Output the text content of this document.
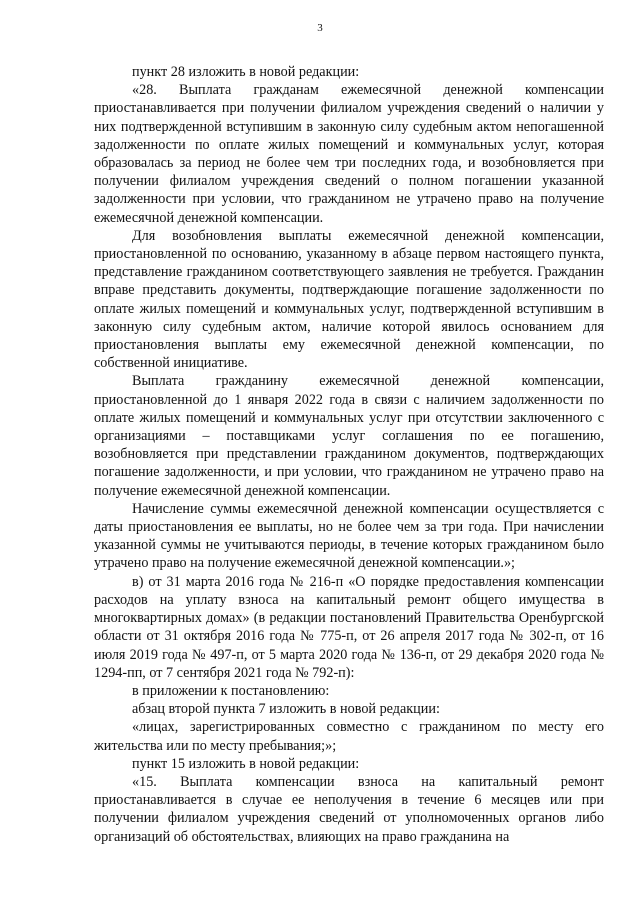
3

пункт 28 изложить в новой редакции:

«28. Выплата гражданам ежемесячной денежной компенсации приостанавливается при получении филиалом учреждения сведений о наличии у них подтвержденной вступившим в законную силу судебным актом непогашенной задолженности по оплате жилых помещений и коммунальных услуг, которая образовалась за период не более чем три последних года, и возобновляется при получении филиалом учреждения сведений о полном погашении указанной задолженности при условии, что гражданином не утрачено право на получение ежемесячной денежной компенсации.

Для возобновления выплаты ежемесячной денежной компенсации, приостановленной по основанию, указанному в абзаце первом настоящего пункта, представление гражданином соответствующего заявления не требуется. Гражданин вправе представить документы, подтверждающие погашение задолженности по оплате жилых помещений и коммунальных услуг, подтвержденной вступившим в законную силу судебным актом, наличие которой явилось основанием для приостановления выплаты ему ежемесячной денежной компенсации, по собственной инициативе.

Выплата гражданину ежемесячной денежной компенсации, приостановленной до 1 января 2022 года в связи с наличием задолженности по оплате жилых помещений и коммунальных услуг при отсутствии заключенного с организациями – поставщиками услуг соглашения по ее погашению, возобновляется при представлении гражданином документов, подтверждающих погашение задолженности, и при условии, что гражданином не утрачено право на получение ежемесячной денежной компенсации.

Начисление суммы ежемесячной денежной компенсации осуществляется с даты приостановления ее выплаты, но не более чем за три года. При начислении указанной суммы не учитываются периоды, в течение которых гражданином было утрачено право на получение ежемесячной денежной компенсации.»;

в) от 31 марта 2016 года № 216-п «О порядке предоставления компенсации расходов на уплату взноса на капитальный ремонт общего имущества в многоквартирных домах» (в редакции постановлений Правительства Оренбургской области от 31 октября 2016 года № 775-п, от 26 апреля 2017 года № 302-п, от 16 июля 2019 года № 497-п, от 5 марта 2020 года № 136-п, от 29 декабря 2020 года № 1294-пп, от 7 сентября 2021 года № 792-п):

в приложении к постановлению:

абзац второй пункта 7 изложить в новой редакции:

«лицах, зарегистрированных совместно с гражданином по месту его жительства или по месту пребывания;»;

пункт 15 изложить в новой редакции:

«15. Выплата компенсации взноса на капитальный ремонт приостанавливается в случае ее неполучения в течение 6 месяцев или при получении филиалом учреждения сведений от уполномоченных органов либо организаций об обстоятельствах, влияющих на право гражданина на
